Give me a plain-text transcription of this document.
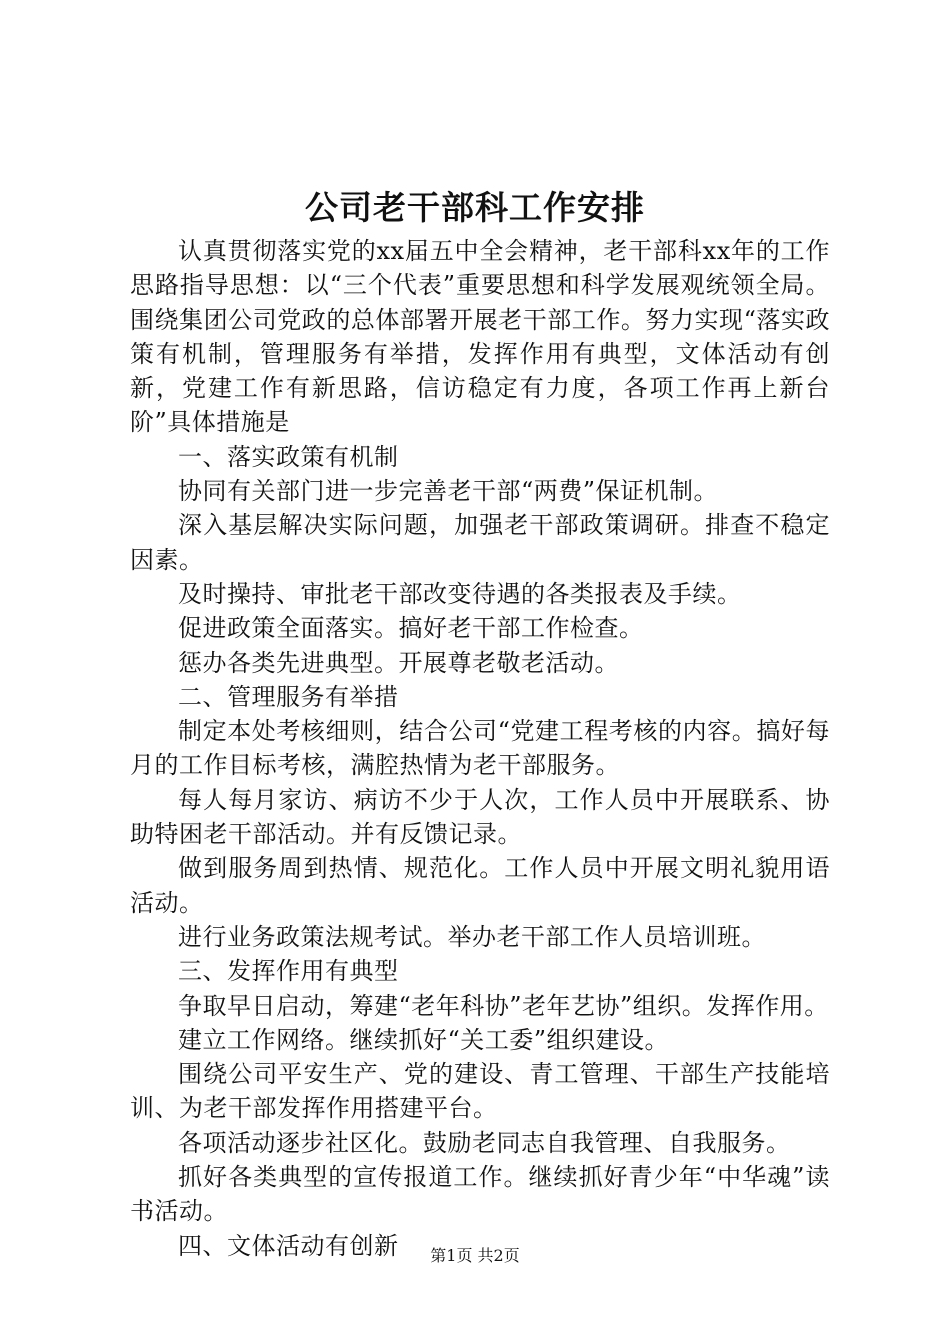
公司老干部科工作安排

认真贯彻落实党的xx届五中全会精神，老干部科xx年的工作思路指导思想：以“三个代表”重要思想和科学发展观统领全局。围绕集团公司党政的总体部署开展老干部工作。努力实现“落实政策有机制，管理服务有举措，发挥作用有典型，文体活动有创新，党建工作有新思路，信访稳定有力度，各项工作再上新台阶”具体措施是

一、落实政策有机制

协同有关部门进一步完善老干部“两费”保证机制。

深入基层解决实际问题，加强老干部政策调研。排查不稳定因素。

及时操持、审批老干部改变待遇的各类报表及手续。

促进政策全面落实。搞好老干部工作检查。

惩办各类先进典型。开展尊老敬老活动。

二、管理服务有举措

制定本处考核细则，结合公司“党建工程考核的内容。搞好每月的工作目标考核，满腔热情为老干部服务。

每人每月家访、病访不少于人次，工作人员中开展联系、协助特困老干部活动。并有反馈记录。

做到服务周到热情、规范化。工作人员中开展文明礼貌用语活动。

进行业务政策法规考试。举办老干部工作人员培训班。

三、发挥作用有典型

争取早日启动，筹建“老年科协”老年艺协”组织。发挥作用。

建立工作网络。继续抓好“关工委”组织建设。

围绕公司平安生产、党的建设、青工管理、干部生产技能培训、为老干部发挥作用搭建平台。

各项活动逐步社区化。鼓励老同志自我管理、自我服务。

抓好各类典型的宣传报道工作。继续抓好青少年“中华魂”读书活动。

四、文体活动有创新	第1页 共2页
